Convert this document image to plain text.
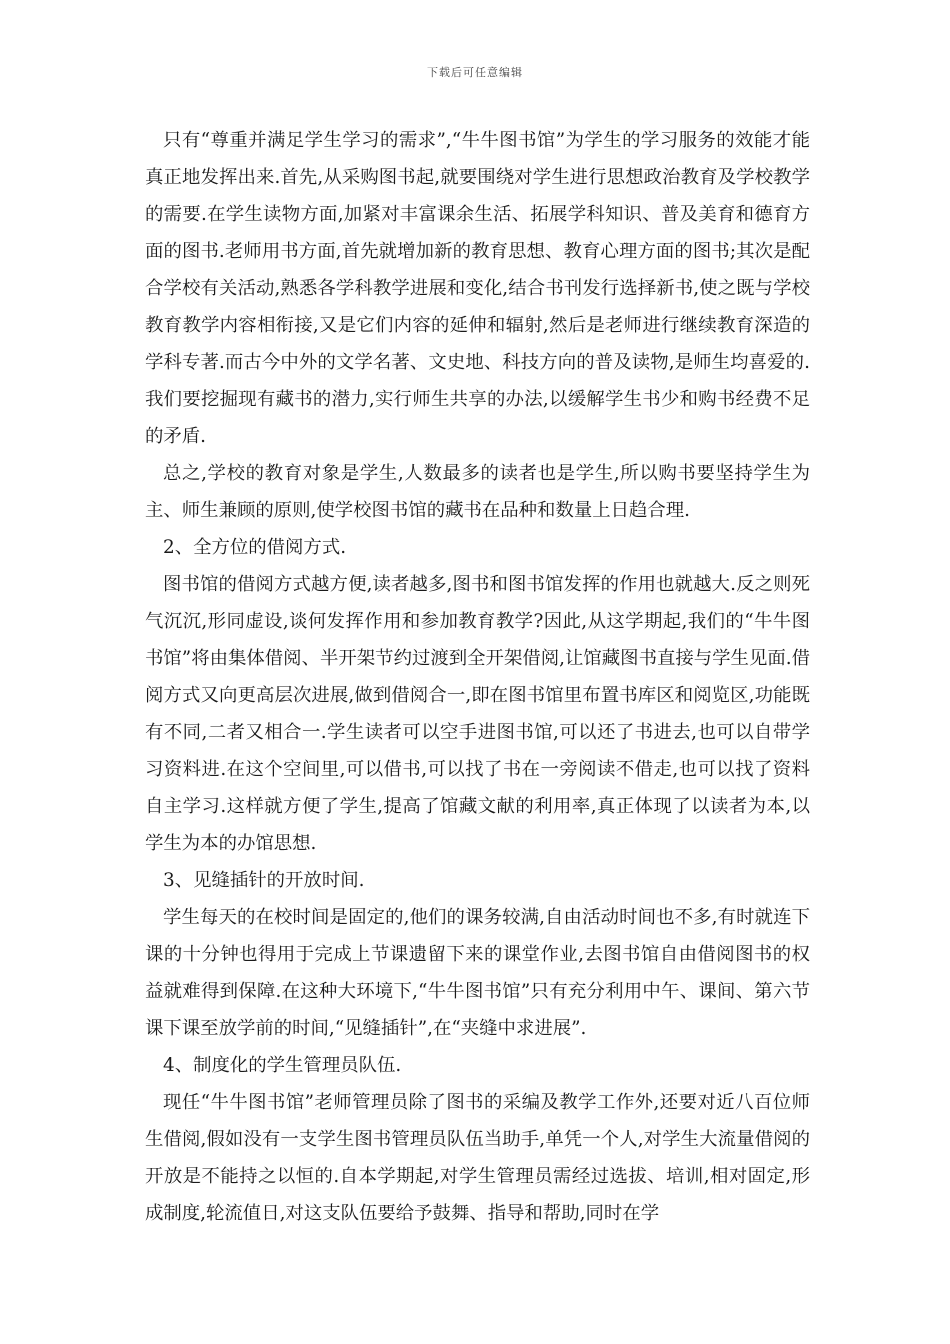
下载后可任意编辑

只有“尊重并满足学生学习的需求”,“牛牛图书馆”为学生的学习服务的效能才能真正地发挥出来.首先,从采购图书起,就要围绕对学生进行思想政治教育及学校教学的需要.在学生读物方面,加紧对丰富课余生活、拓展学科知识、普及美育和德育方面的图书.老师用书方面,首先就增加新的教育思想、教育心理方面的图书;其次是配合学校有关活动,熟悉各学科教学进展和变化,结合书刊发行选择新书,使之既与学校教育教学内容相衔接,又是它们内容的延伸和辐射,然后是老师进行继续教育深造的学科专著.而古今中外的文学名著、文史地、科技方向的普及读物,是师生均喜爱的.我们要挖掘现有藏书的潜力,实行师生共享的办法,以缓解学生书少和购书经费不足的矛盾.

总之,学校的教育对象是学生,人数最多的读者也是学生,所以购书要坚持学生为主、师生兼顾的原则,使学校图书馆的藏书在品种和数量上日趋合理.

2、全方位的借阅方式.

图书馆的借阅方式越方便,读者越多,图书和图书馆发挥的作用也就越大.反之则死气沉沉,形同虚设,谈何发挥作用和参加教育教学?因此,从这学期起,我们的“牛牛图书馆”将由集体借阅、半开架节约过渡到全开架借阅,让馆藏图书直接与学生见面.借阅方式又向更高层次进展,做到借阅合一,即在图书馆里布置书库区和阅览区,功能既有不同,二者又相合一.学生读者可以空手进图书馆,可以还了书进去,也可以自带学习资料进.在这个空间里,可以借书,可以找了书在一旁阅读不借走,也可以找了资料自主学习.这样就方便了学生,提高了馆藏文献的利用率,真正体现了以读者为本,以学生为本的办馆思想.

3、见缝插针的开放时间.

学生每天的在校时间是固定的,他们的课务较满,自由活动时间也不多,有时就连下课的十分钟也得用于完成上节课遗留下来的课堂作业,去图书馆自由借阅图书的权益就难得到保障.在这种大环境下,“牛牛图书馆”只有充分利用中午、课间、第六节课下课至放学前的时间,“见缝插针”,在“夹缝中求进展”.

4、制度化的学生管理员队伍.

现任“牛牛图书馆”老师管理员除了图书的采编及教学工作外,还要对近八百位师生借阅,假如没有一支学生图书管理员队伍当助手,单凭一个人,对学生大流量借阅的开放是不能持之以恒的.自本学期起,对学生管理员需经过选拔、培训,相对固定,形成制度,轮流值日,对这支队伍要给予鼓舞、指导和帮助,同时在学
